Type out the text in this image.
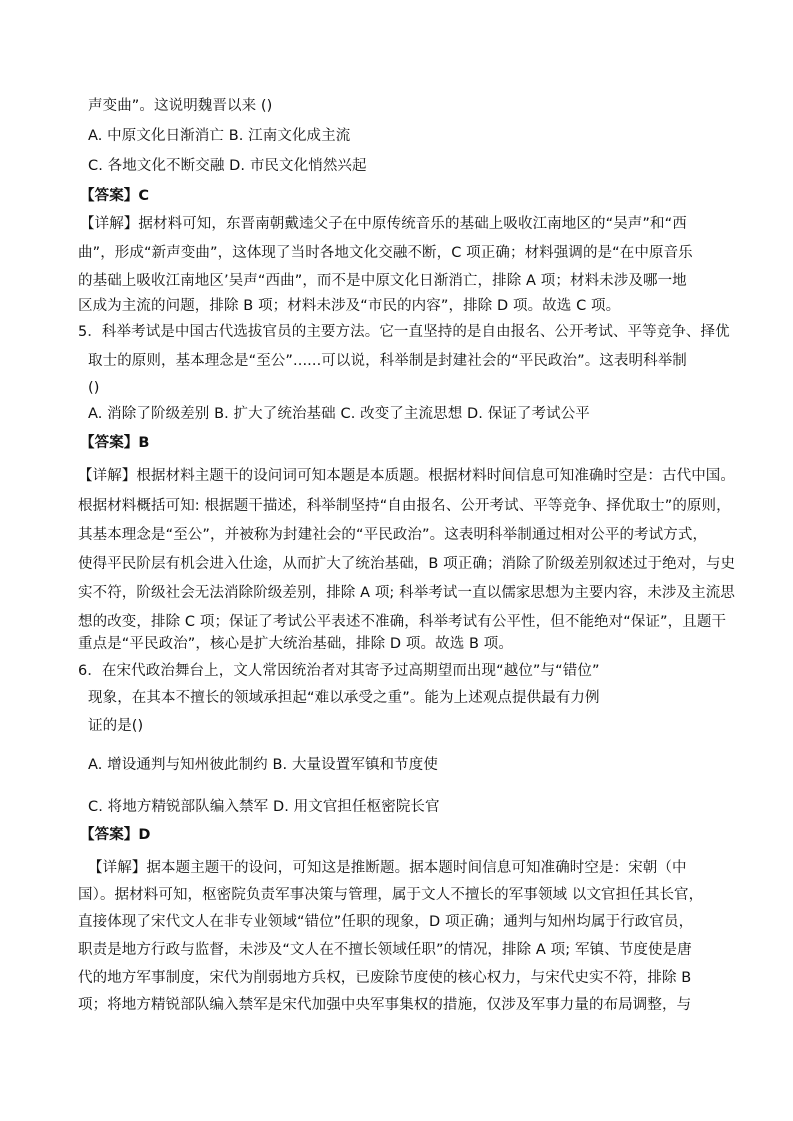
声变曲”。这说明魏晋以来 ()
A. 中原文化日渐消亡 B. 江南文化成主流
C. 各地文化不断交融 D. 市民文化悄然兴起
【答案】C
【详解】据材料可知，东晋南朝戴逵父子在中原传统音乐的基础上吸收江南地区的“吴声”和“西
曲”，形成“新声变曲”，这体现了当时各地文化交融不断，C 项正确；材料强调的是“在中原音乐
的基础上吸收江南地区’吴声“西曲”，而不是中原文化日渐消亡，排除 A 项；材料未涉及哪一地
区成为主流的问题，排除 B 项；材料未涉及“市民的内容”，排除 D 项。故选 C 项。
5．科举考试是中国古代选拔官员的主要方法。它一直坚持的是自由报名、公开考试、平等竞争、择优
取士的原则，基本理念是“至公”......可以说，科举制是封建社会的“平民政治”。这表明科举制
()
A. 消除了阶级差别 B. 扩大了统治基础 C. 改变了主流思想 D. 保证了考试公平
【答案】B
【详解】根据材料主题干的设问词可知本题是本质题。根据材料时间信息可知准确时空是：古代中国。
根据材料概括可知: 根据题干描述，科举制坚持“自由报名、公开考试、平等竞争、择优取士”的原则，
其基本理念是“至公”，并被称为封建社会的“平民政治”。这表明科举制通过相对公平的考试方式，
使得平民阶层有机会进入仕途，从而扩大了统治基础，B 项正确；消除了阶级差别叙述过于绝对，与史
实不符，阶级社会无法消除阶级差别，排除 A 项; 科举考试一直以儒家思想为主要内容，未涉及主流思
想的改变，排除 C 项；保证了考试公平表述不准确，科举考试有公平性，但不能绝对“保证”，且题干
重点是“平民政治”，核心是扩大统治基础，排除 D 项。故选 B 项。
6．在宋代政治舞台上，文人常因统治者对其寄予过高期望而出现“越位”与“错位”
现象，在其本不擅长的领域承担起“难以承受之重”。能为上述观点提供最有力例
证的是()
A. 增设通判与知州彼此制约 B. 大量设置军镇和节度使
C. 将地方精锐部队编入禁军 D. 用文官担任枢密院长官
【答案】D
【详解】据本题主题干的设问，可知这是推断题。据本题时间信息可知准确时空是：宋朝（中
国）。据材料可知，枢密院负责军事决策与管理，属于文人不擅长的军事领域 以文官担任其长官，
直接体现了宋代文人在非专业领域“错位”任职的现象，D 项正确；通判与知州均属于行政官员，
职责是地方行政与监督，未涉及“文人在不擅长领域任职”的情况，排除 A 项; 军镇、节度使是唐
代的地方军事制度，宋代为削弱地方兵权，已废除节度使的核心权力，与宋代史实不符，排除 B
项；将地方精锐部队编入禁军是宋代加强中央军事集权的措施，仅涉及军事力量的布局调整，与
